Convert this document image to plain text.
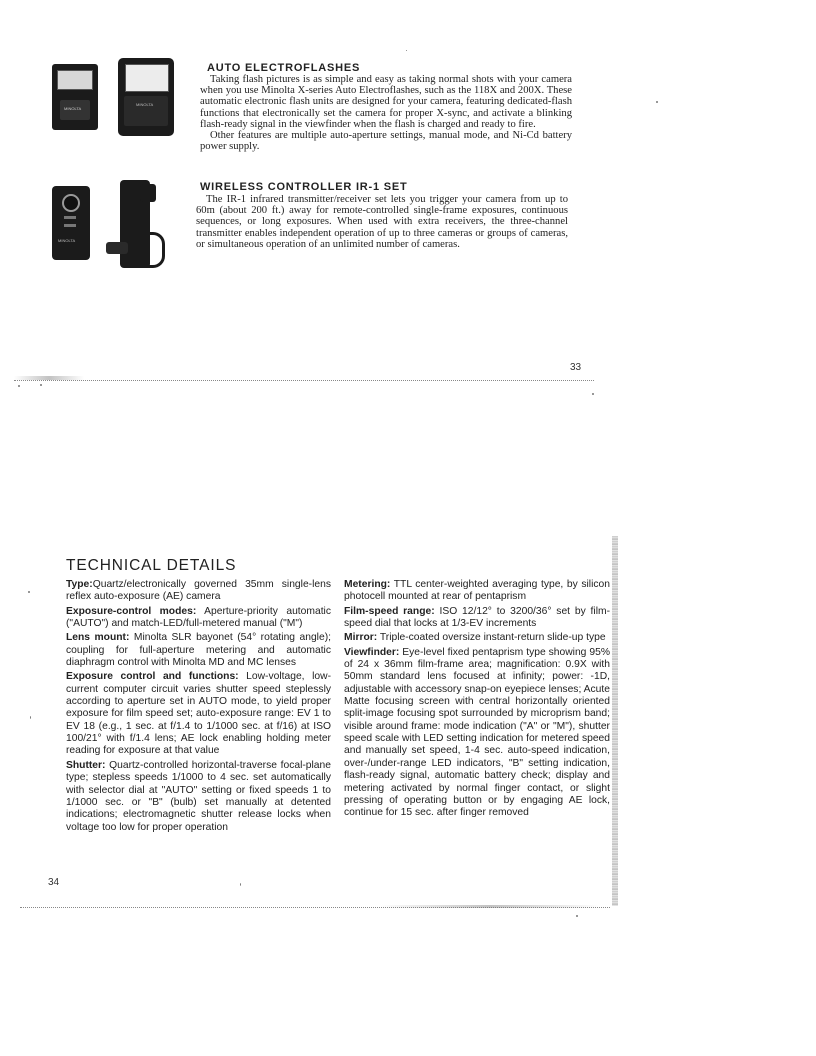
MINOLTA
MINOLTA
MINOLTA
AUTO ELECTROFLASHES

Taking flash pictures is as simple and easy as taking normal shots with your camera when you use Minolta X-series Auto Electroflashes, such as the 118X and 200X. These automatic electronic flash units are designed for your camera, featuring dedicated-flash functions that electronically set the camera for proper X-sync, and activate a blinking flash-ready signal in the viewfinder when the flash is charged and ready to fire.

Other features are multiple auto-aperture settings, manual mode, and Ni-Cd battery power supply.

WIRELESS CONTROLLER IR-1 SET

The IR-1 infrared transmitter/receiver set lets you trigger your camera from up to 60m (about 200 ft.) away for remote-controlled single-frame exposures, continuous sequences, or long exposures. When used with extra receivers, the three-channel transmitter enables independent operation of up to three cameras or groups of cameras, or simultaneous operation of an unlimited number of cameras.

33
TECHNICAL DETAILS

Type:Quartz/electronically governed 35mm single-lens reflex auto-exposure (AE) camera

Exposure-control modes: Aperture-priority automatic ("AUTO") and match-LED/full-metered manual ("M")

Lens mount: Minolta SLR bayonet (54° rotating angle); coupling for full-aperture metering and automatic diaphragm control with Minolta MD and MC lenses

Exposure control and functions: Low-voltage, low-current computer circuit varies shutter speed steplessly according to aperture set in AUTO mode, to yield proper exposure for film speed set; auto-exposure range: EV 1 to EV 18 (e.g., 1 sec. at f/1.4 to 1/1000 sec. at f/16) at ISO 100/21° with f/1.4 lens; AE lock enabling holding meter reading for exposure at that value

Shutter: Quartz-controlled horizontal-traverse focal-plane type; stepless speeds 1/1000 to 4 sec. set automatically with selector dial at "AUTO" setting or fixed speeds 1 to 1/1000 sec. or "B" (bulb) set manually at detented indications; electromagnetic shutter release locks when voltage too low for proper operation

Metering: TTL center-weighted averaging type, by silicon photocell mounted at rear of pentaprism

Film-speed range: ISO 12/12° to 3200/36° set by film-speed dial that locks at 1/3-EV increments

Mirror: Triple-coated oversize instant-return slide-up type

Viewfinder: Eye-level fixed pentaprism type showing 95% of 24 x 36mm film-frame area; magnification: 0.9X with 50mm standard lens focused at infinity; power: -1D, adjustable with accessory snap-on eyepiece lenses; Acute Matte focusing screen with central horizontally oriented split-image focusing spot surrounded by microprism band; visible around frame: mode indication ("A" or "M"), shutter speed scale with LED setting indication for metered speed and manually set speed, 1-4 sec. auto-speed indication, over-/under-range LED indicators, "B" setting indication, flash-ready signal, automatic battery check; display and metering activated by normal finger contact, or slight pressing of operating button or by engaging AE lock, continue for 15 sec. after finger removed

34
